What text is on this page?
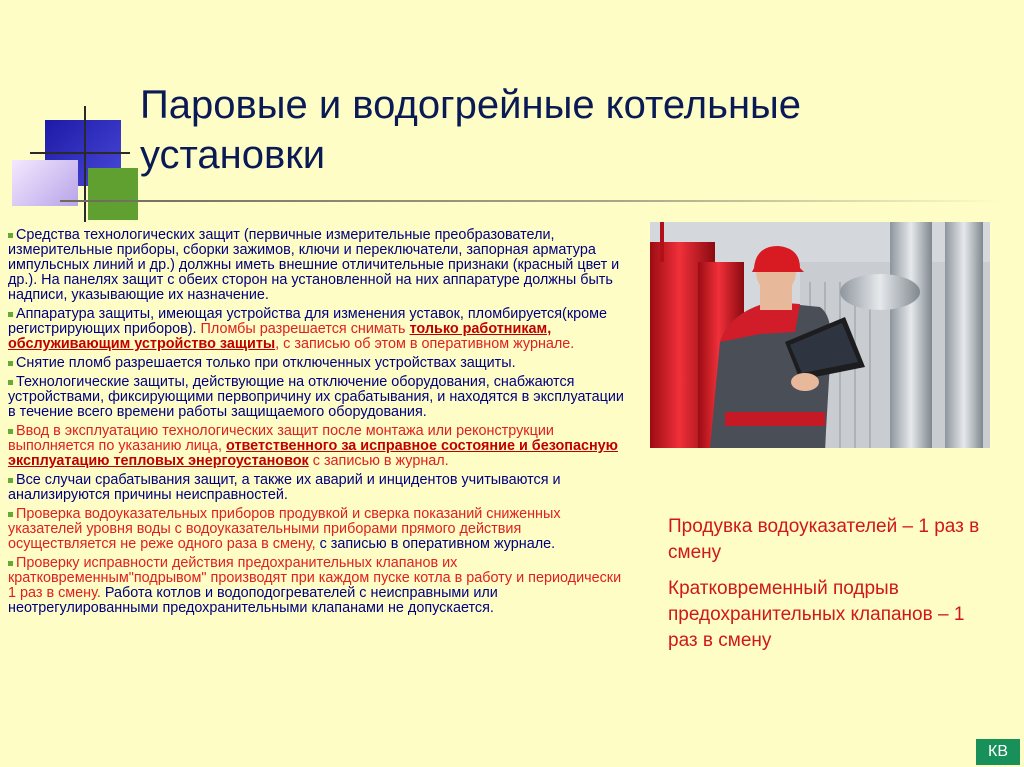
Паровые и водогрейные котельные установки
Средства технологических защит (первичные измерительные преобразователи, измерительные приборы, сборки зажимов, ключи и переключатели, запорная арматура импульсных линий и др.) должны иметь внешние отличительные признаки (красный цвет и др.). На панелях защит с обеих сторон на установленной на них аппаратуре должны быть надписи, указывающие их назначение.
Аппаратура защиты, имеющая устройства для изменения уставок, пломбируется(кроме регистрирующих приборов). Пломбы разрешается снимать только работникам, обслуживающим устройство защиты, с записью об этом в оперативном журнале.
Снятие пломб разрешается только при отключенных устройствах защиты.
Технологические защиты, действующие на отключение оборудования, снабжаются устройствами, фиксирующими первопричину их срабатывания, и находятся в эксплуатации в течение всего времени работы защищаемого оборудования.
Ввод в эксплуатацию технологических защит после монтажа или реконструкции выполняется по указанию лица, ответственного за исправное состояние и безопасную эксплуатацию тепловых энергоустановок с записью в журнал.
Все случаи срабатывания защит, а также их аварий и инцидентов учитываются и анализируются причины неисправностей.
Проверка водоуказательных приборов продувкой и сверка показаний сниженных указателей уровня воды с водоуказательными приборами прямого действия осуществляется не реже одного раза в смену, с записью в оперативном журнале.
Проверку исправности действия предохранительных клапанов их кратковременным"подрывом" производят при каждом пуске котла в работу и периодически 1 раз в смену. Работа котлов и водоподогревателей с неисправными или неотрегулированными предохранительными клапанами не допускается.

Продувка водоуказателей – 1 раз в смену

Кратковременный подрыв предохранительных клапанов – 1 раз в смену

КВ
